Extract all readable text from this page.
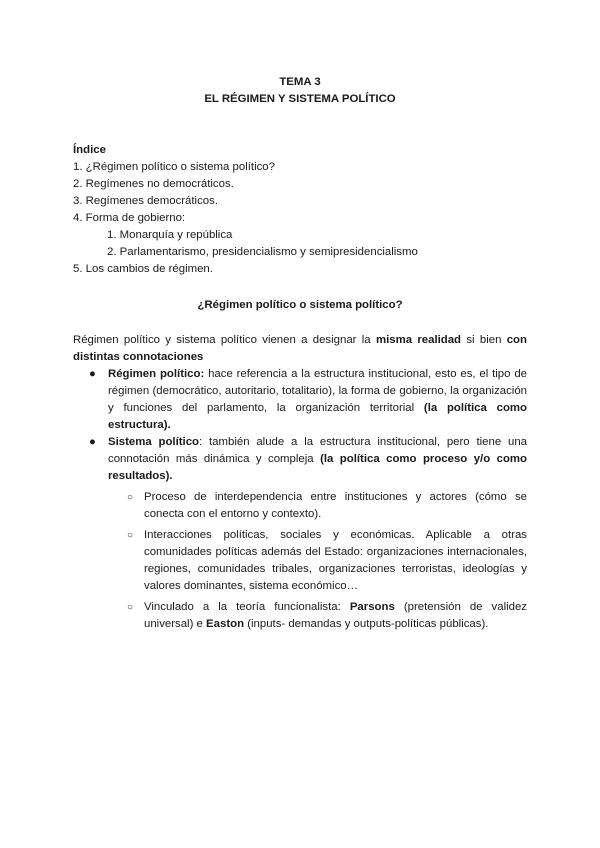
TEMA 3
EL RÉGIMEN Y SISTEMA POLÍTICO
Índice
1. ¿Régimen político o sistema político?
2. Regímenes no democráticos.
3. Regímenes democráticos.
4. Forma de gobierno:
1. Monarquía y república
2. Parlamentarismo, presidencialismo y semipresidencialismo
5. Los cambios de régimen.
¿Régimen político o sistema político?
Régimen político y sistema político vienen a designar la misma realidad si bien con distintas connotaciones
● Régimen político: hace referencia a la estructura institucional, esto es, el tipo de régimen (democrático, autoritario, totalitario), la forma de gobierno, la organización y funciones del parlamento, la organización territorial (la política como estructura).
● Sistema político: también alude a la estructura institucional, pero tiene una connotación más dinámica y compleja (la política como proceso y/o como resultados).
○ Proceso de interdependencia entre instituciones y actores (cómo se conecta con el entorno y contexto).
○ Interacciones políticas, sociales y económicas. Aplicable a otras comunidades políticas además del Estado: organizaciones internacionales, regiones, comunidades tribales, organizaciones terroristas, ideologías y valores dominantes, sistema económico…
○ Vinculado a la teoría funcionalista: Parsons (pretensión de validez universal) e Easton (inputs- demandas y outputs-políticas públicas).
